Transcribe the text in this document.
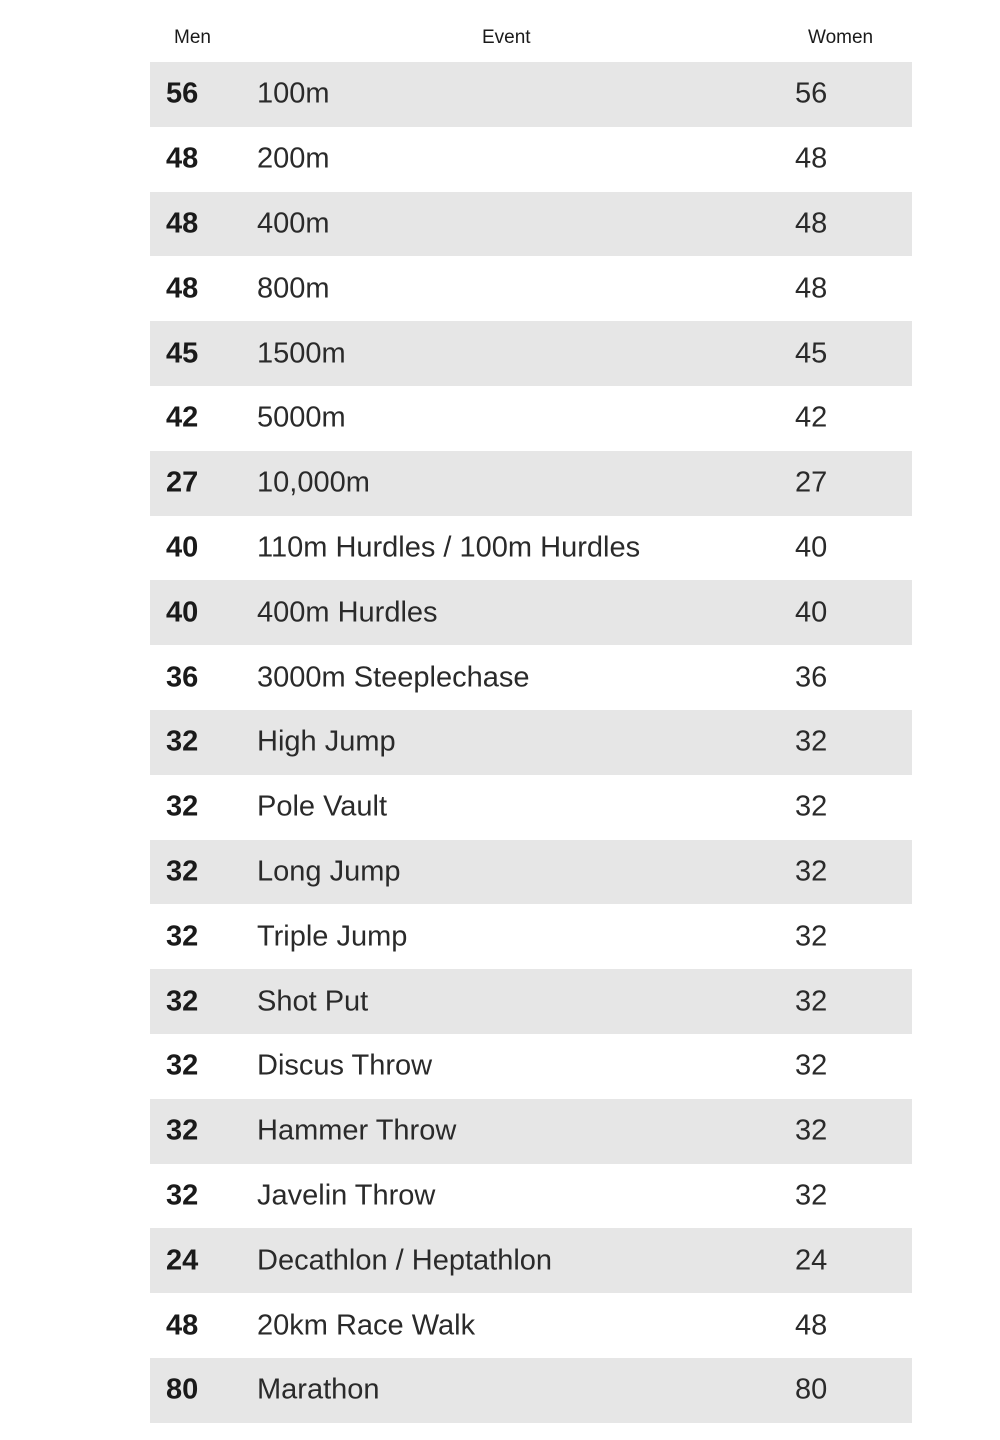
Men	Event	Women
56 100m	56
48 200m	48
48 400m	48
48 800m	48
45 1500m	45
42 5000m	42
27 10,000m	27
40 110m Hurdles / 100m Hurdles	40
40 400m Hurdles	40
36 3000m Steeplechase	36
32 High Jump	32
32 Pole Vault	32
32 Long Jump	32
32 Triple Jump	32
32 Shot Put	32
32 Discus Throw	32
32 Hammer Throw	32
32 Javelin Throw	32
24 Decathlon / Heptathlon	24
48 20km Race Walk	48
80 Marathon	80
